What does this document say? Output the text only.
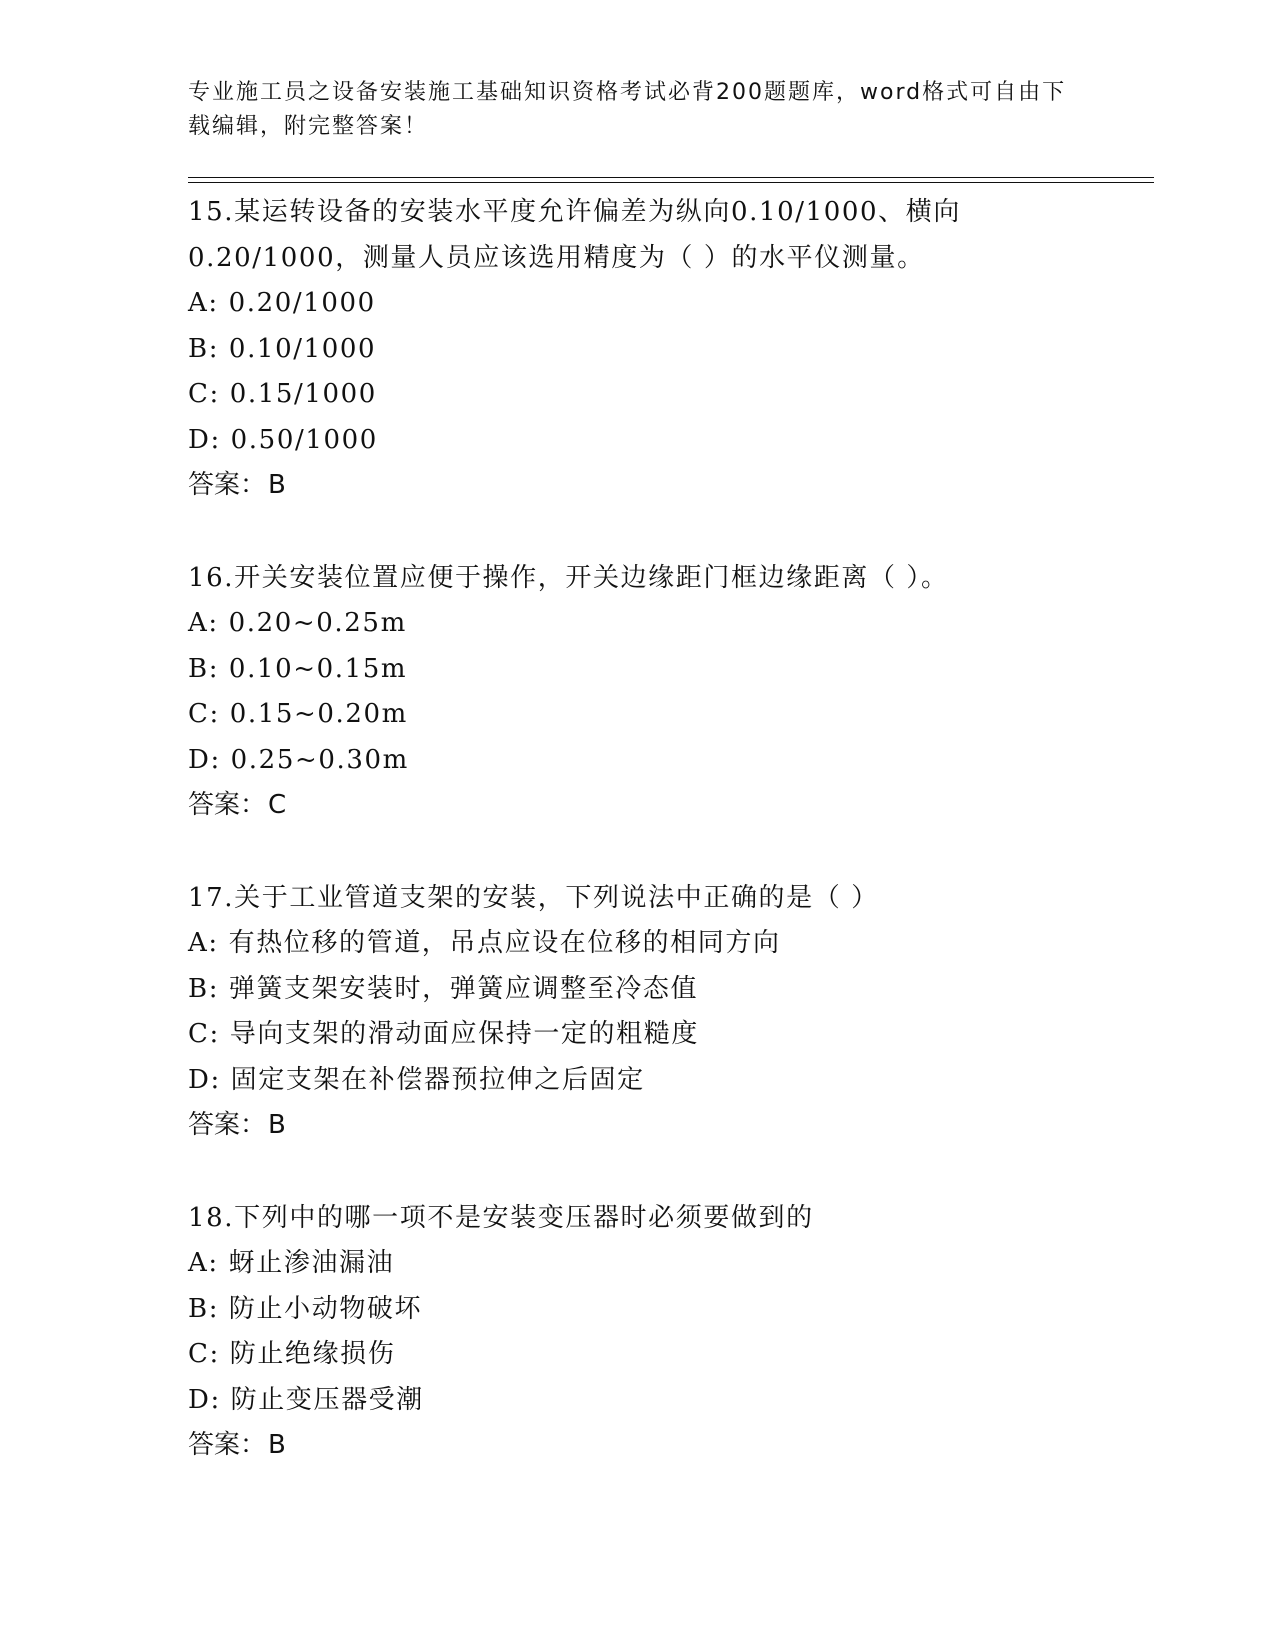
专业施工员之设备安装施工基础知识资格考试必背200题题库，word格式可自由下载编辑，附完整答案！

15.某运转设备的安装水平度允许偏差为纵向0.10/1000、横向0.20/1000，测量人员应该选用精度为（ ）的水平仪测量。

A: 0.20/1000

B: 0.10/1000

C: 0.15/1000

D: 0.50/1000

答案：B

16.开关安装位置应便于操作，开关边缘距门框边缘距离（ ）。

A: 0.20~0.25m

B: 0.10~0.15m

C: 0.15~0.20m

D: 0.25~0.30m

答案：C

17.关于工业管道支架的安装，下列说法中正确的是（ ）

A: 有热位移的管道，吊点应设在位移的相同方向

B: 弹簧支架安装时，弹簧应调整至冷态值

C: 导向支架的滑动面应保持一定的粗糙度

D: 固定支架在补偿器预拉伸之后固定

答案：B

18.下列中的哪一项不是安装变压器时必须要做到的

A: 蚜止渗油漏油

B: 防止小动物破坏

C: 防止绝缘损伤

D: 防止变压器受潮

答案：B
